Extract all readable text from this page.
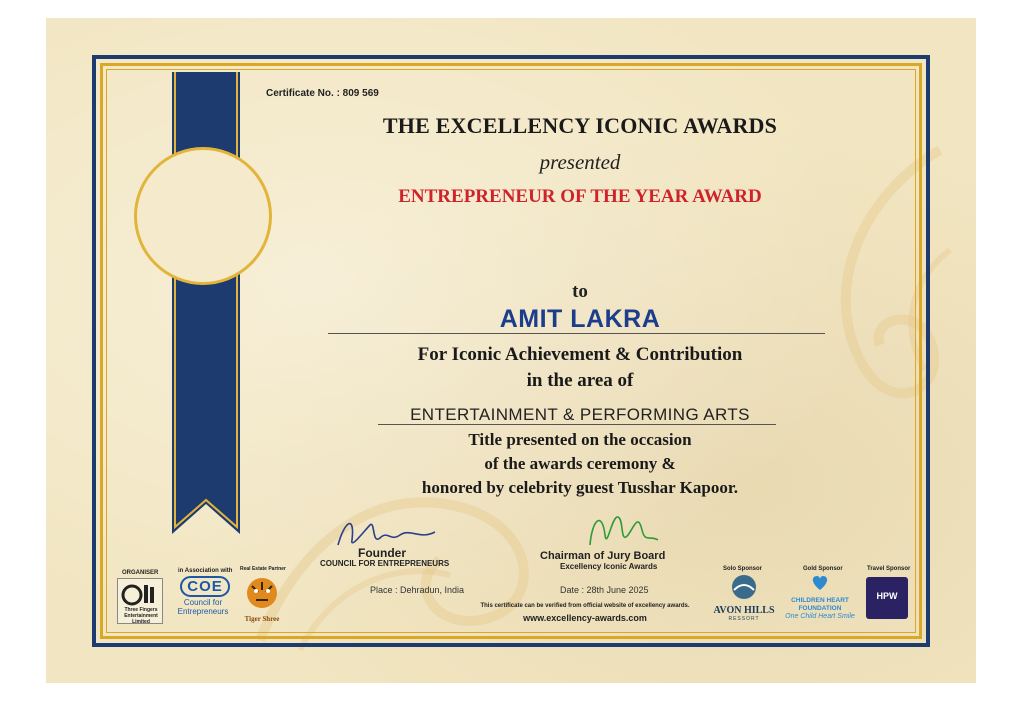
Certificate No. : 809 569
THE EXCELLENCY ICONIC AWARDS
presented
ENTREPRENEUR OF THE YEAR AWARD
to
AMIT LAKRA
For Iconic Achievement & Contribution
in the area of
ENTERTAINMENT & PERFORMING ARTS
Title presented on the occasion
of the awards ceremony &
honored by celebrity guest Tusshar Kapoor.
Founder
COUNCIL FOR ENTREPRENEURS
Place : Dehradun, India
Chairman of Jury Board
Excellency Iconic Awards
Date : 28th June 2025
This certificate can be verified from official website of excellency awards.
www.excellency-awards.com
ORGANISER	in Association with Real Estate Partner	Solo Sponsor	Gold Sponsor	Travel Sponsor
Three Fingers Entertainment Limited
COE
Council for Entrepreneurs
Tiger Shree
AVON HILLS
RESSORT
CHILDREN HEART FOUNDATION
One Child Heart Smile
HPW
